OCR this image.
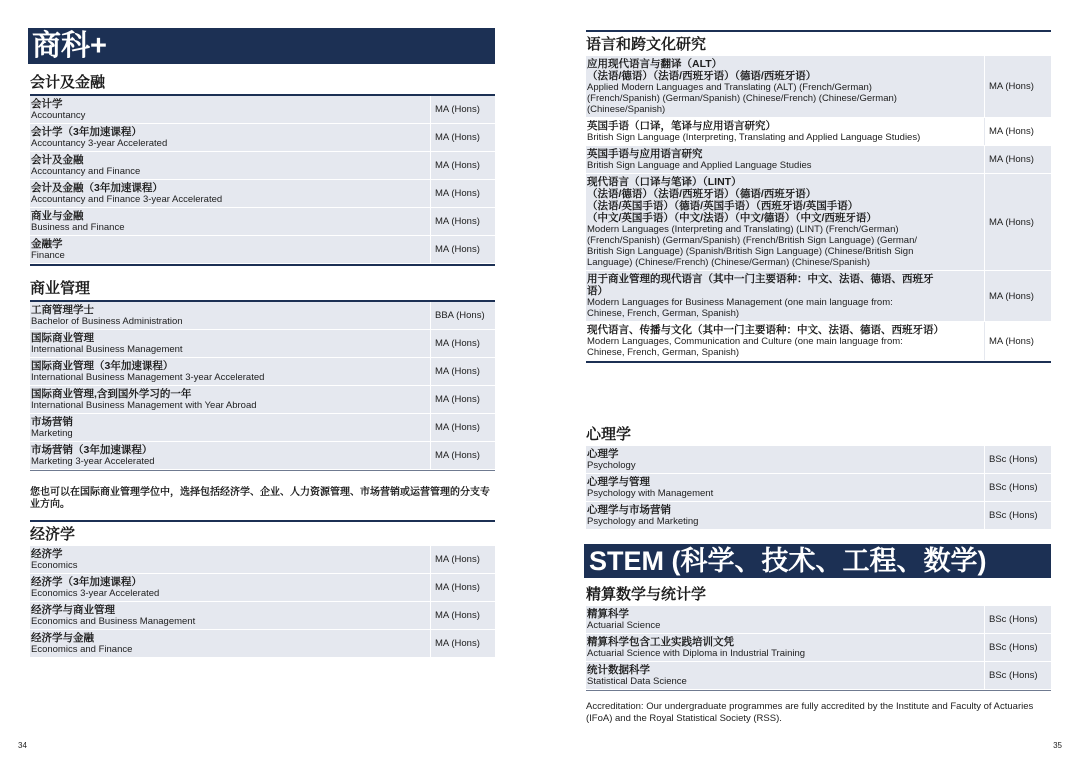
商科+
会计及金融
会计学
Accountancy
MA (Hons)
会计学（3年加速课程）
Accountancy 3-year Accelerated
MA (Hons)
会计及金融
Accountancy and Finance
MA (Hons)
会计及金融（3年加速课程）
Accountancy and Finance 3-year Accelerated
MA (Hons)
商业与金融
Business and Finance
MA (Hons)
金融学
Finance
MA (Hons)
商业管理
工商管理学士
Bachelor of Business Administration
BBA (Hons)
国际商业管理
International Business Management
MA (Hons)
国际商业管理（3年加速课程）
International Business Management 3-year Accelerated
MA (Hons)
国际商业管理,含到国外学习的一年
International Business Management with Year Abroad
MA (Hons)
市场营销
Marketing
MA (Hons)
市场营销（3年加速课程）
Marketing 3-year Accelerated
MA (Hons)
您也可以在国际商业管理学位中，选择包括经济学、企业、人力资源管理、市场营销或运营管理的分支专业方向。
经济学
经济学
Economics
MA (Hons)
经济学（3年加速课程）
Economics 3-year Accelerated
MA (Hons)
经济学与商业管理
Economics and Business Management
MA (Hons)
经济学与金融
Economics and Finance
MA (Hons)
34
语言和跨文化研究
应用现代语言与翻译（ALT）
（法语/德语）（法语/西班牙语）（德语/西班牙语）
Applied Modern Languages and Translating (ALT) (French/German)
(French/Spanish) (German/Spanish) (Chinese/French) (Chinese/German)
(Chinese/Spanish)
MA (Hons)
英国手语（口译，笔译与应用语言研究）
British Sign Language (Interpreting, Translating and Applied Language Studies)
MA (Hons)
英国手语与应用语言研究
British Sign Language and Applied Language Studies
MA (Hons)
现代语言（口译与笔译）（LINT）
（法语/德语）（法语/西班牙语）（德语/西班牙语）
（法语/英国手语）（德语/英国手语）（西班牙语/英国手语）
（中文/英国手语）（中文/法语）（中文/德语）（中文/西班牙语）
Modern Languages (Interpreting and Translating) (LINT) (French/German)
(French/Spanish) (German/Spanish) (French/British Sign Language) (German/
British Sign Language) (Spanish/British Sign Language) (Chinese/British Sign
Language) (Chinese/French) (Chinese/German) (Chinese/Spanish)
MA (Hons)
用于商业管理的现代语言（其中一门主要语种：中文、法语、德语、西班牙
语）
Modern Languages for Business Management (one main language from:
Chinese, French, German, Spanish)
MA (Hons)
现代语言、传播与文化（其中一门主要语种：中文、法语、德语、西班牙语）
Modern Languages, Communication and Culture (one main language from:
Chinese, French, German, Spanish)
MA (Hons)
心理学
心理学
Psychology
BSc (Hons)
心理学与管理
Psychology with Management
BSc (Hons)
心理学与市场营销
Psychology and Marketing
BSc (Hons)
STEM (科学、技术、工程、数学)
精算数学与统计学
精算科学
Actuarial Science
BSc (Hons)
精算科学包含工业实践培训文凭
Actuarial Science with Diploma in Industrial Training
BSc (Hons)
统计数据科学
Statistical Data Science
BSc (Hons)
Accreditation: Our undergraduate programmes are fully accredited by the Institute and Faculty of Actuaries (IFoA) and the Royal Statistical Society (RSS).
35
